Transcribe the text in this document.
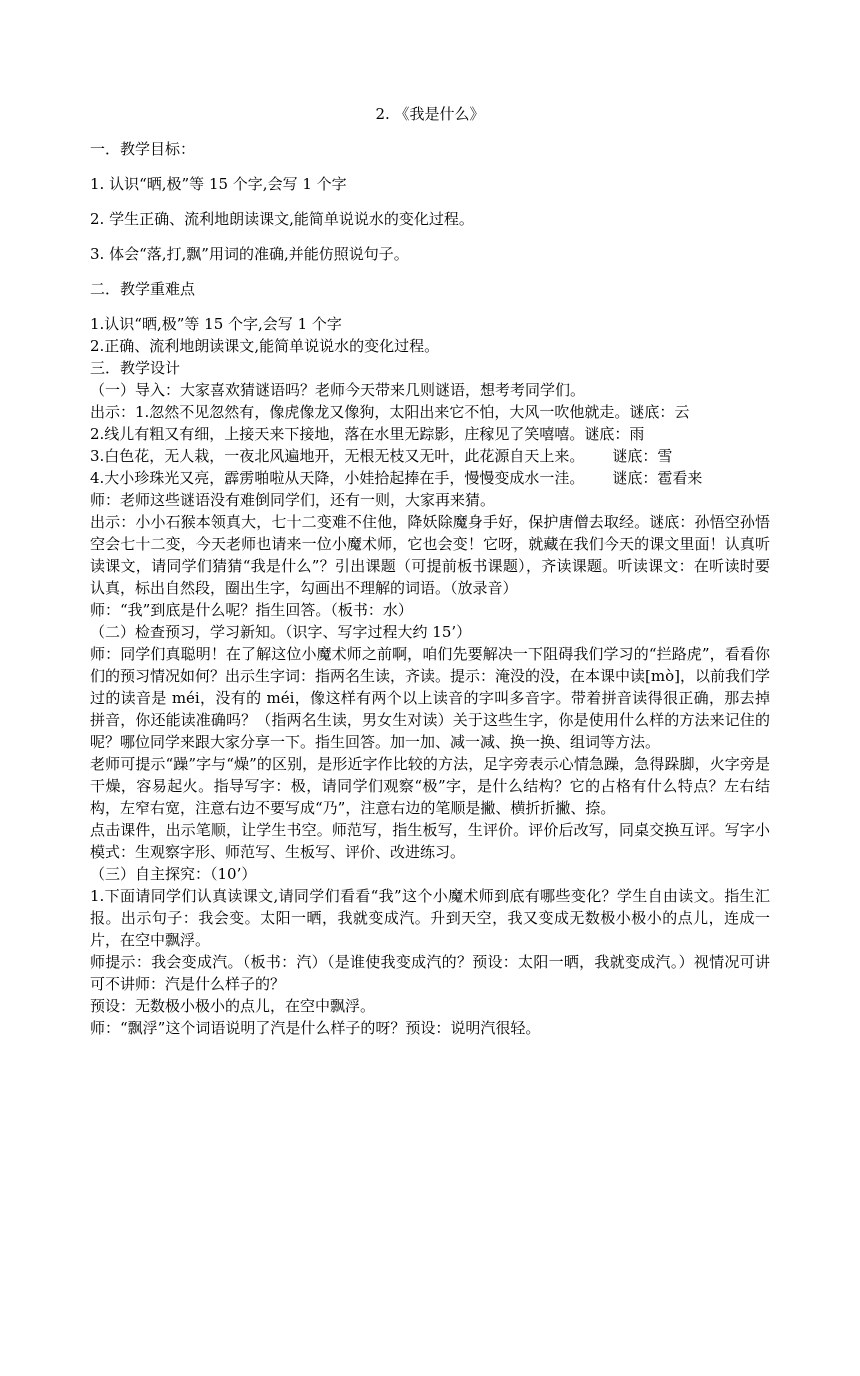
2. 《我是什么》

一．教学目标：

1. 认识“晒,极”等 15 个字,会写 1 个字

2. 学生正确、流利地朗读课文,能简单说说水的变化过程。

3. 体会“落,打,飘”用词的准确,并能仿照说句子。

二．教学重难点

1.认识“晒,极”等 15 个字,会写 1 个字

2.正确、流利地朗读课文,能简单说说水的变化过程。

三．教学设计

（一）导入：大家喜欢猜谜语吗？老师今天带来几则谜语，想考考同学们。

出示：1.忽然不见忽然有，像虎像龙又像狗，太阳出来它不怕，大风一吹他就走。谜底：云

2.线儿有粗又有细，上接天来下接地，落在水里无踪影，庄稼见了笑嘻嘻。谜底：雨

3.白色花，无人栽，一夜北风遍地开，无根无枝又无叶，此花源自天上来。 谜底：雪

4.大小珍珠光又亮，霹雳啪啦从天降，小娃拾起捧在手，慢慢变成水一洼。 谜底：雹看来

师：老师这些谜语没有难倒同学们，还有一则，大家再来猜。

出示：小小石猴本领真大，七十二变难不住他，降妖除魔身手好，保护唐僧去取经。谜底：孙悟空孙悟空会七十二变，今天老师也请来一位小魔术师，它也会变！它呀，就藏在我们今天的课文里面！认真听读课文，请同学们猜猜“我是什么”？引出课题（可提前板书课题），齐读课题。听读课文：在听读时要认真，标出自然段，圈出生字，勾画出不理解的词语。（放录音）

师：“我”到底是什么呢？指生回答。（板书：水）

（二）检查预习，学习新知。（识字、写字过程大约 15’）

师：同学们真聪明！在了解这位小魔术师之前啊，咱们先要解决一下阻碍我们学习的“拦路虎”，看看你们的预习情况如何？出示生字词：指两名生读，齐读。提示：淹没的没，在本课中读[mò]，以前我们学过的读音是 méi，没有的 méi，像这样有两个以上读音的字叫多音字。带着拼音读得很正确，那去掉拼音，你还能读准确吗？（指两名生读，男女生对读）关于这些生字，你是使用什么样的方法来记住的呢？哪位同学来跟大家分享一下。指生回答。加一加、减一减、换一换、组词等方法。

老师可提示“躁”字与“燥”的区别，是形近字作比较的方法，足字旁表示心情急躁，急得跺脚，火字旁是干燥，容易起火。指导写字：极，请同学们观察“极”字，是什么结构？它的占格有什么特点？左右结构，左窄右宽，注意右边不要写成“乃”，注意右边的笔顺是撇、横折折撇、捺。

点击课件，出示笔顺，让学生书空。师范写，指生板写，生评价。评价后改写，同桌交换互评。写字小模式：生观察字形、师范写、生板写、评价、改进练习。

（三）自主探究：（10’）

1.下面请同学们认真读课文,请同学们看看“我”这个小魔术师到底有哪些变化？学生自由读文。指生汇报。出示句子：我会变。太阳一晒，我就变成汽。升到天空，我又变成无数极小极小的点儿，连成一片，在空中飘浮。

师提示：我会变成汽。（板书：汽）（是谁使我变成汽的？预设：太阳一晒，我就变成汽。）视情况可讲可不讲师：汽是什么样子的？

预设：无数极小极小的点儿，在空中飘浮。

师：“飘浮”这个词语说明了汽是什么样子的呀？预设：说明汽很轻。
